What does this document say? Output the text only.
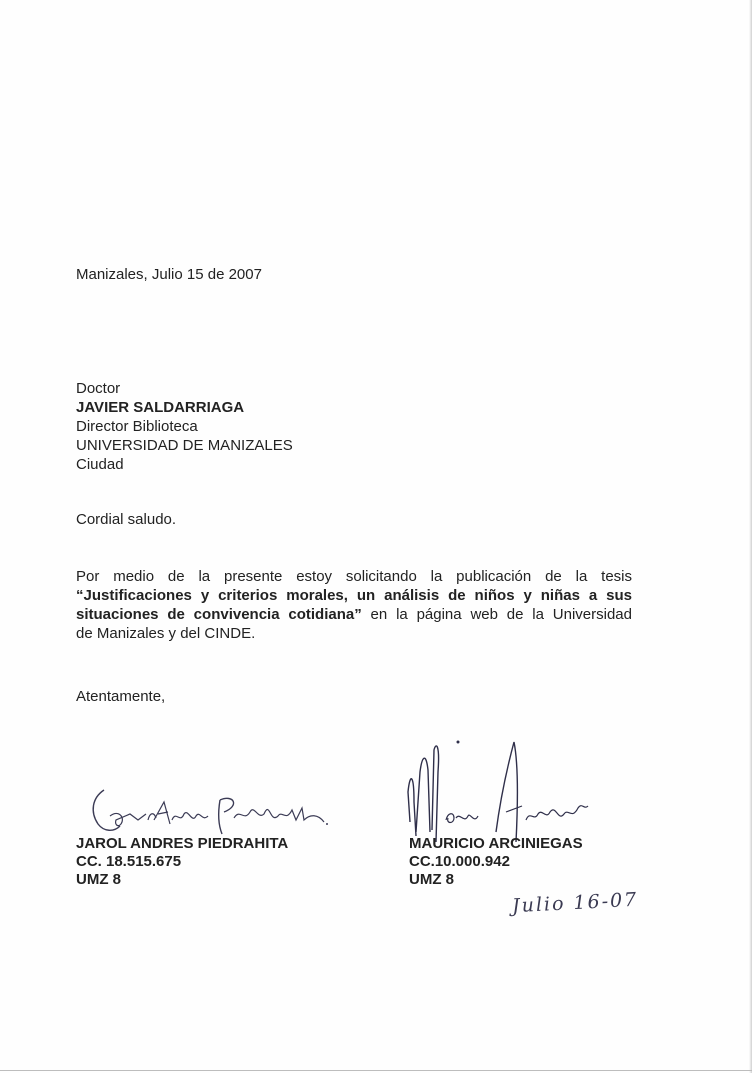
Manizales, Julio 15 de 2007
Doctor
JAVIER SALDARRIAGA
Director Biblioteca
UNIVERSIDAD DE MANIZALES
Ciudad
Cordial saludo.
Por medio de la presente estoy solicitando la publicación de la tesis
“Justificaciones y criterios morales, un análisis de niños y niñas a sus
situaciones de convivencia cotidiana” en la página web de la Universidad
de Manizales y del CINDE.
Atentamente,
JAROL ANDRES PIEDRAHITA
CC. 18.515.675
UMZ 8
MAURICIO ARCINIEGAS
CC.10.000.942
UMZ 8
Julio 16-07
